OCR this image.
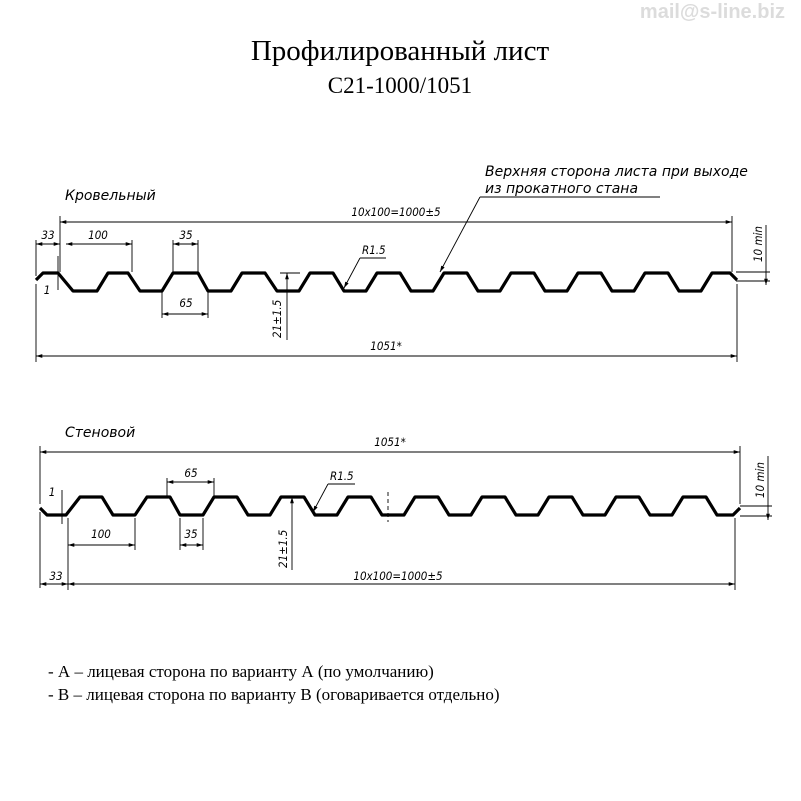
mail@s-line.biz
Профилированный лист
С21-1000/1051
Кровельный
Верхняя сторона листа при выходе
из прокатного стана
10x100=1000±5
33	100	35
65
1
21±1.5
R1.5	10 min
1051*
Стеновой
1051*
65	R1.5
1
100	35	21±1.5
10 min
33	10x100=1000±5
- А – лицевая сторона по варианту А (по умолчанию)
- В – лицевая сторона по варианту В (оговаривается отдельно)
